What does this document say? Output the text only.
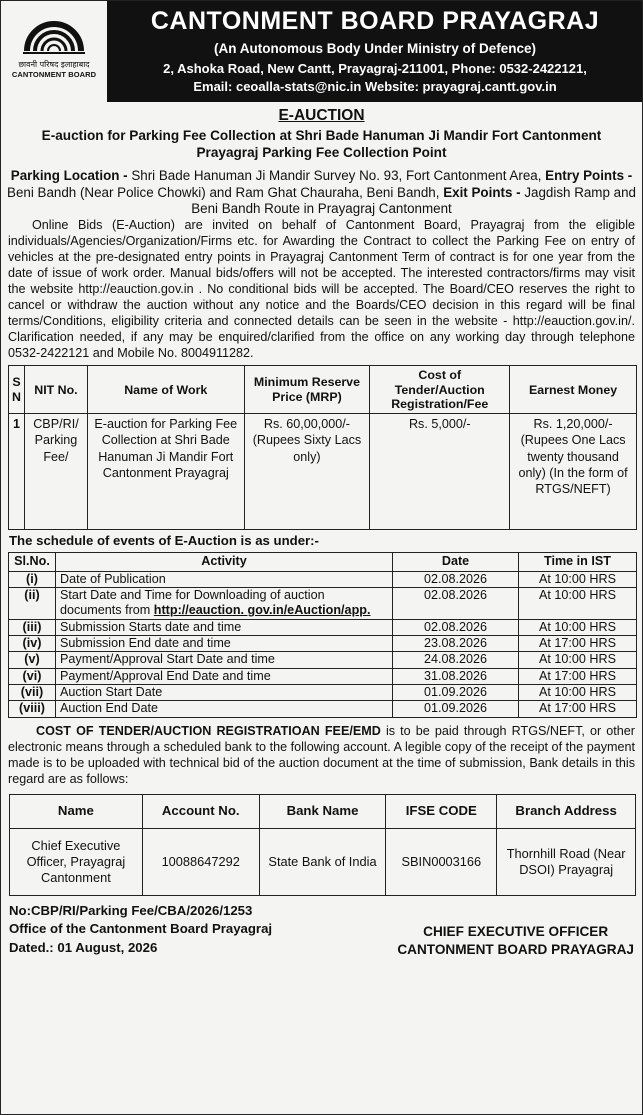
छावनी परिषद इलाहाबाद
CANTONMENT BOARD
CANTONMENT BOARD PRAYAGRAJ
(An Autonomous Body Under Ministry of Defence)
2, Ashoka Road, New Cantt, Prayagraj-211001, Phone: 0532-2422121,
Email: ceoalla-stats@nic.in Website: prayagraj.cantt.gov.in
E-AUCTION
E-auction for Parking Fee Collection at Shri Bade Hanuman Ji Mandir Fort Cantonment Prayagraj Parking Fee Collection Point
Parking Location - Shri Bade Hanuman Ji Mandir Survey No. 93, Fort Cantonment Area, Entry Points - Beni Bandh (Near Police Chowki) and Ram Ghat Chauraha, Beni Bandh, Exit Points - Jagdish Ramp and Beni Bandh Route in Prayagraj Cantonment

Online Bids (E-Auction) are invited on behalf of Cantonment Board, Prayagraj from the eligible individuals/Agencies/Organization/Firms etc. for Awarding the Contract to collect the Parking Fee on entry of vehicles at the pre-designated entry points in Prayagraj Cantonment Term of contract is for one year from the date of issue of work order. Manual bids/offers will not be accepted. The interested contractors/firms may visit the website http://eauction.gov.in . No conditional bids will be accepted. The Board/CEO reserves the right to cancel or withdraw the auction without any notice and the Boards/CEO decision in this regard will be final terms/Conditions, eligibility criteria and connected details can be seen in the website - http://eauction.gov.in/. Clarification needed, if any may be enquired/clarified from the office on any working day through telephone 0532-2422121 and Mobile No. 8004911282.

S N	NIT No.	Name of Work	Minimum Reserve Price (MRP)	Cost of Tender/Auction Registration/Fee	Earnest Money
1	CBP/RI/ Parking Fee/	E-auction for Parking Fee Collection at Shri Bade Hanuman Ji Mandir Fort Cantonment Prayagraj	Rs. 60,00,000/- (Rupees Sixty Lacs only)	Rs. 5,000/-	Rs. 1,20,000/- (Rupees One Lacs twenty thousand only) (In the form of RTGS/NEFT)
The schedule of events of E-Auction is as under:-
Sl.No.	Activity	Date	Time in IST
(i)	Date of Publication	02.08.2026	At 10:00 HRS
(ii)	Start Date and Time for Downloading of auction documents from http://eauction. gov.in/eAuction/app.	02.08.2026	At 10:00 HRS
(iii)	Submission Starts date and time	02.08.2026	At 10:00 HRS
(iv)	Submission End date and time	23.08.2026	At 17:00 HRS
(v)	Payment/Approval Start Date and time	24.08.2026	At 10:00 HRS
(vi)	Payment/Approval End Date and time	31.08.2026	At 17:00 HRS
(vii)	Auction Start Date	01.09.2026	At 10:00 HRS
(viii)	Auction End Date	01.09.2026	At 17:00 HRS

COST OF TENDER/AUCTION REGISTRATIOAN FEE/EMD is to be paid through RTGS/NEFT, or other electronic means through a scheduled bank to the following account. A legible copy of the receipt of the payment made is to be uploaded with technical bid of the auction document at the time of submission, Bank details in this regard are as follows:

Name	Account No.	Bank Name	IFSE CODE	Branch Address
Chief Executive Officer, Prayagraj Cantonment	10088647292	State Bank of India	SBIN0003166	Thornhill Road (Near DSOI) Prayagraj
No:CBP/RI/Parking Fee/CBA/2026/1253
Office of the Cantonment Board Prayagraj
Dated.: 01 August, 2026
CHIEF EXECUTIVE OFFICER
CANTONMENT BOARD PRAYAGRAJ
